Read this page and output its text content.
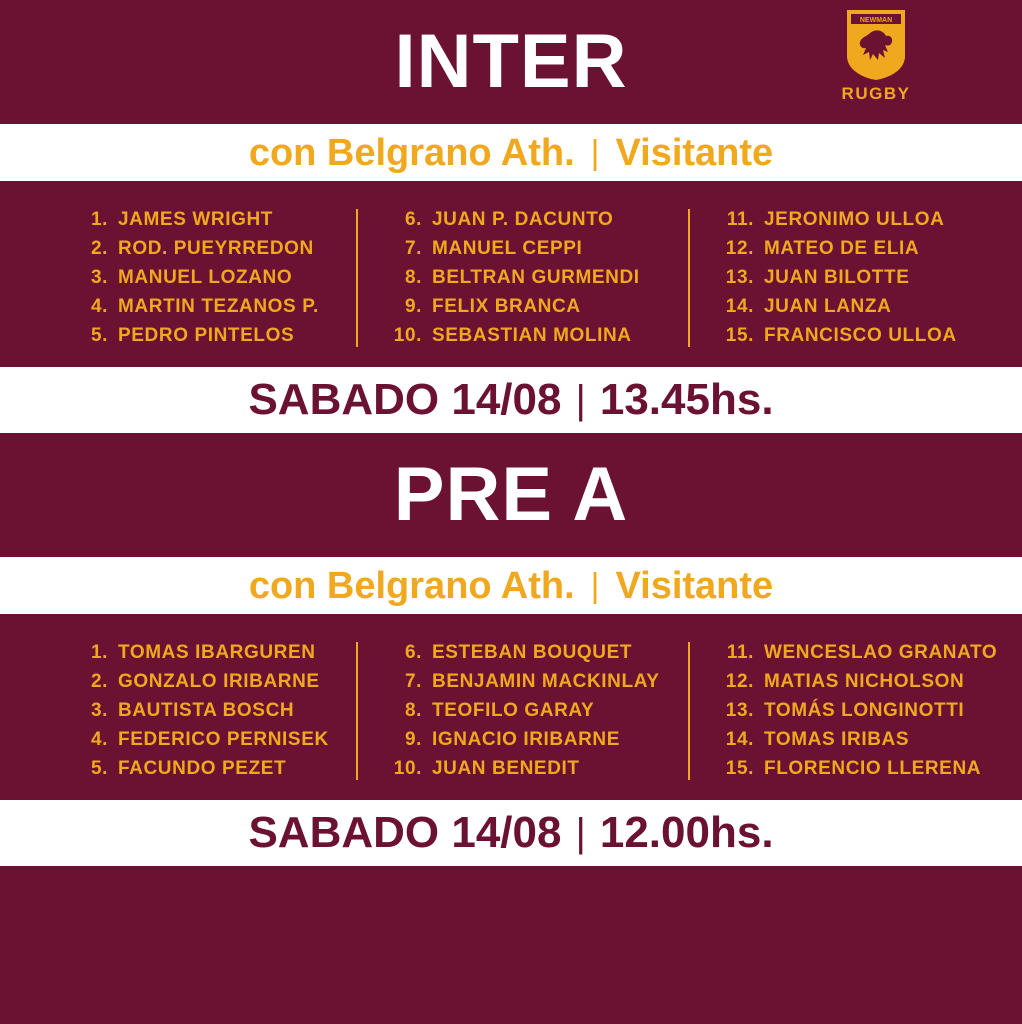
INTER	NEWMAN
RUGBY
con Belgrano Ath. | Visitante
1. JAMES WRIGHT
2. ROD. PUEYRREDON
3. MANUEL LOZANO
4. MARTIN TEZANOS P.
5. PEDRO PINTELOS
6. JUAN P. DACUNTO
7. MANUEL CEPPI
8. BELTRAN GURMENDI
9. FELIX BRANCA
10. SEBASTIAN MOLINA
11. JERONIMO ULLOA
12. MATEO DE ELIA
13. JUAN BILOTTE
14. JUAN LANZA
15. FRANCISCO ULLOA
SABADO 14/08 | 13.45hs.
PRE A
con Belgrano Ath. | Visitante
1. TOMAS IBARGUREN
2. GONZALO IRIBARNE
3. BAUTISTA BOSCH
4. FEDERICO PERNISEK
5. FACUNDO PEZET
6. ESTEBAN BOUQUET
7. BENJAMIN MACKINLAY
8. TEOFILO GARAY
9. IGNACIO IRIBARNE
10. JUAN BENEDIT
11. WENCESLAO GRANATO
12. MATIAS NICHOLSON
13. TOMÁS LONGINOTTI
14. TOMAS IRIBAS
15. FLORENCIO LLERENA
SABADO 14/08 | 12.00hs.
